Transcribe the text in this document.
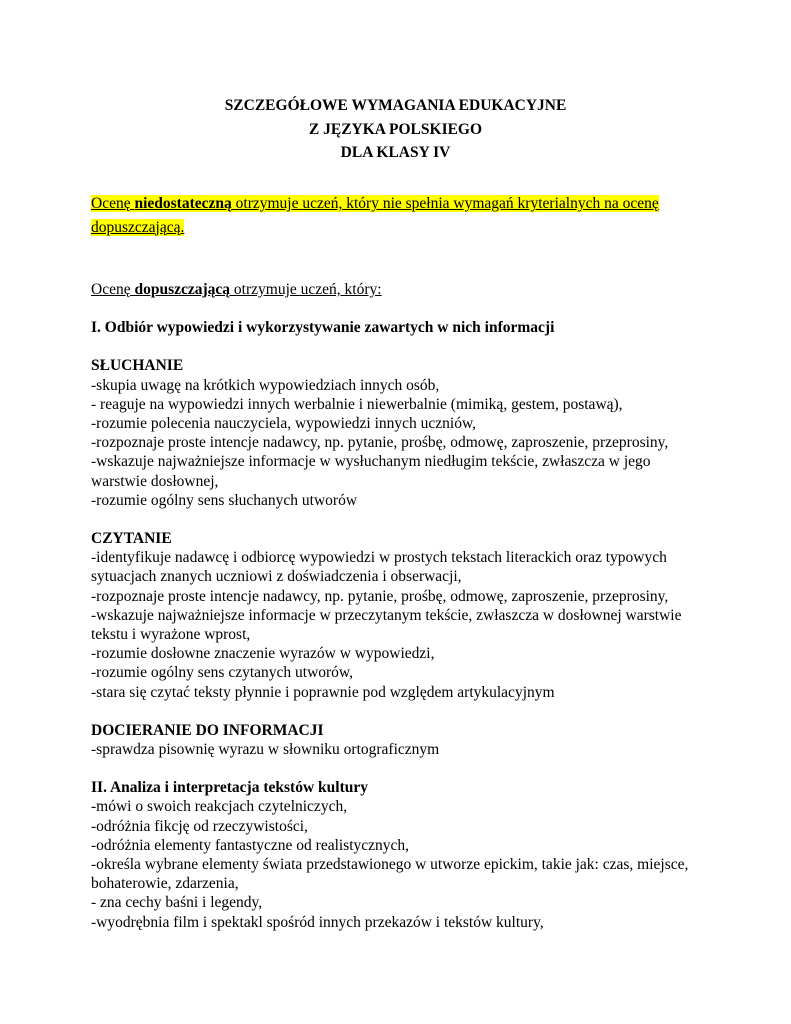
SZCZEGÓŁOWE WYMAGANIA EDUKACYJNE
Z JĘZYKA POLSKIEGO
DLA KLASY IV
Ocenę niedostateczną otrzymuje uczeń, który nie spełnia wymagań kryterialnych na ocenę dopuszczającą.
Ocenę dopuszczającą otrzymuje uczeń, który:
I. Odbiór wypowiedzi i wykorzystywanie zawartych w nich informacji
SŁUCHANIE
-skupia uwagę na krótkich wypowiedziach innych osób,
- reaguje na wypowiedzi innych werbalnie i niewerbalnie (mimiką, gestem, postawą),
-rozumie polecenia nauczyciela, wypowiedzi innych uczniów,
-rozpoznaje proste intencje nadawcy, np. pytanie, prośbę, odmowę, zaproszenie, przeprosiny,
-wskazuje najważniejsze informacje w wysłuchanym niedługim tekście, zwłaszcza w jego warstwie dosłownej,
-rozumie ogólny sens słuchanych utworów
CZYTANIE
-identyfikuje nadawcę i odbiorcę wypowiedzi w prostych tekstach literackich oraz typowych sytuacjach znanych uczniowi z doświadczenia i obserwacji,
-rozpoznaje proste intencje nadawcy, np. pytanie, prośbę, odmowę, zaproszenie, przeprosiny,
-wskazuje najważniejsze informacje w przeczytanym tekście, zwłaszcza w dosłownej warstwie tekstu i wyrażone wprost,
-rozumie dosłowne znaczenie wyrazów w wypowiedzi,
-rozumie ogólny sens czytanych utworów,
-stara się czytać teksty płynnie i poprawnie pod względem artykulacyjnym
DOCIERANIE DO INFORMACJI
-sprawdza pisownię wyrazu w słowniku ortograficznym
II. Analiza i interpretacja tekstów kultury
-mówi o swoich reakcjach czytelniczych,
-odróżnia fikcję od rzeczywistości,
-odróżnia elementy fantastyczne od realistycznych,
-określa wybrane elementy świata przedstawionego w utworze epickim, takie jak: czas, miejsce, bohaterowie, zdarzenia,
- zna cechy baśni i legendy,
-wyodrębnia film i spektakl spośród innych przekazów i tekstów kultury,
